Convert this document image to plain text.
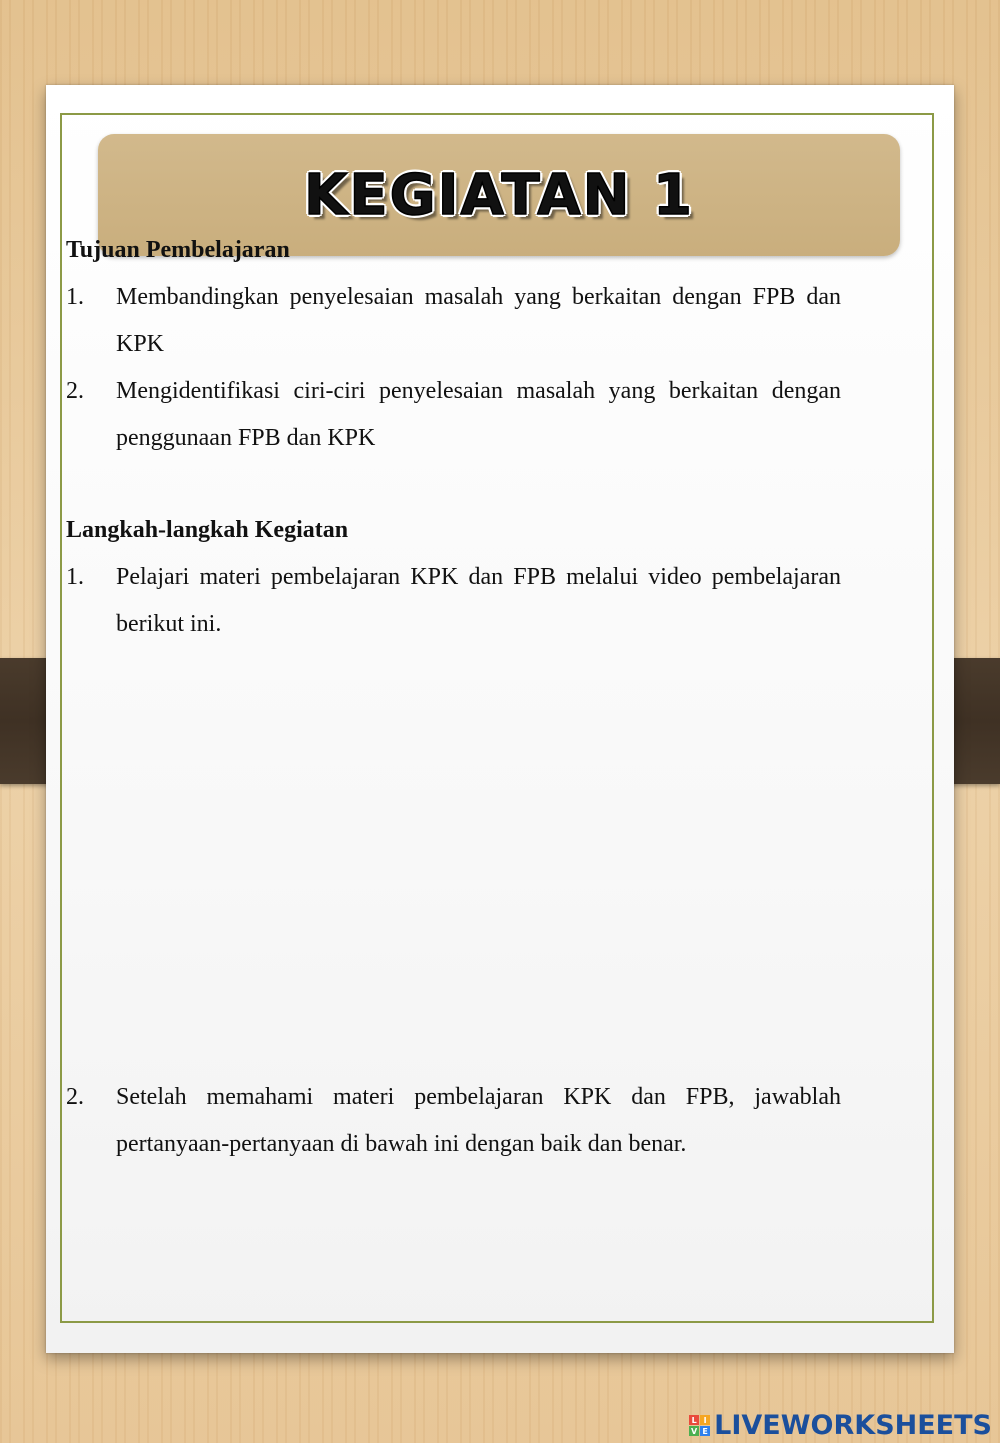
KEGIATAN 1
Tujuan Pembelajaran
1.	Membandingkan penyelesaian masalah yang berkaitan dengan FPB dan KPK
2.	Mengidentifikasi ciri-ciri penyelesaian masalah yang berkaitan dengan penggunaan FPB dan KPK
Langkah-langkah Kegiatan
1.	Pelajari materi pembelajaran KPK dan FPB melalui video pembelajaran berikut ini.
2.	Setelah memahami materi pembelajaran KPK dan FPB, jawablah pertanyaan-pertanyaan di bawah ini dengan baik dan benar.
L I
V E LIVEWORKSHEETS
